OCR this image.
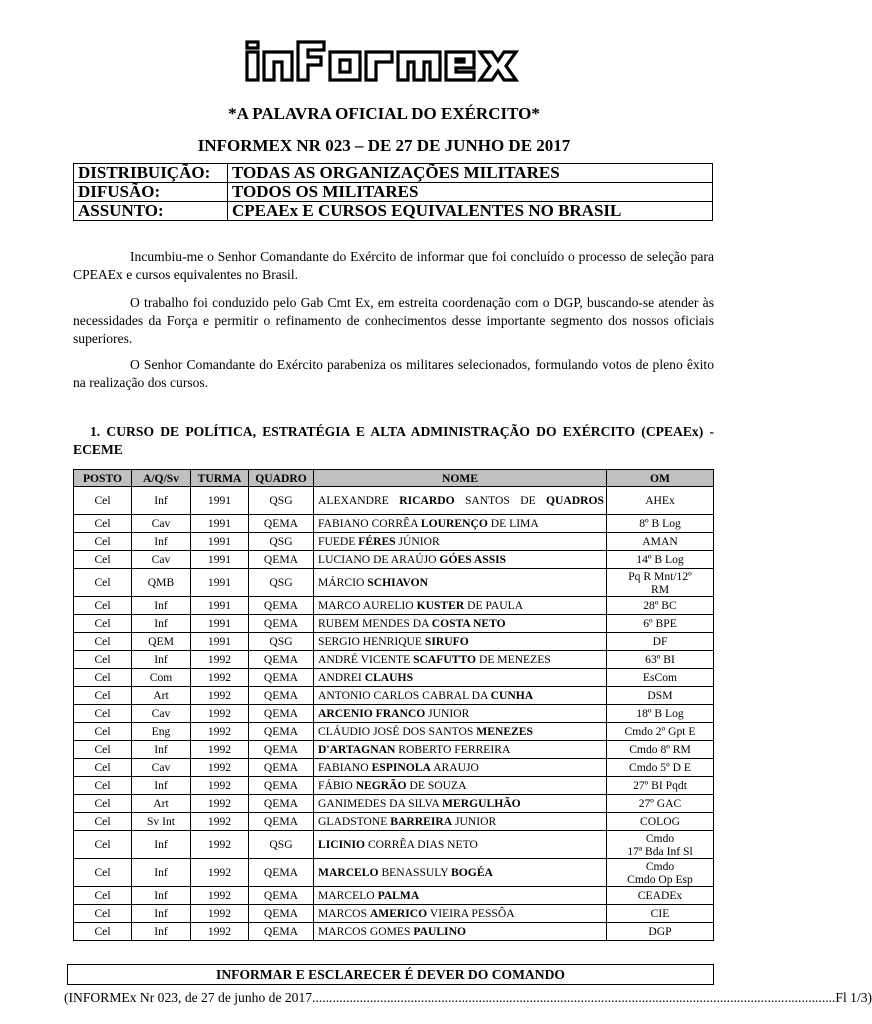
*A PALAVRA OFICIAL DO EXÉRCITO*
INFORMEX NR 023 – DE 27 DE JUNHO DE 2017
DISTRIBUIÇÃO:	TODAS AS ORGANIZAÇÕES MILITARES
DIFUSÃO:	TODOS OS MILITARES
ASSUNTO:	CPEAEx E CURSOS EQUIVALENTES NO BRASIL

Incumbiu-me o Senhor Comandante do Exército de informar que foi concluído o processo de seleção para CPEAEx e cursos equivalentes no Brasil.

O trabalho foi conduzido pelo Gab Cmt Ex, em estreita coordenação com o DGP, buscando-se atender às necessidades da Força e permitir o refinamento de conhecimentos desse importante segmento dos nossos oficiais superiores.

O Senhor Comandante do Exército parabeniza os militares selecionados, formulando votos de pleno êxito na realização dos cursos.

1. CURSO DE POLÍTICA, ESTRATÉGIA E ALTA ADMINISTRAÇÃO DO EXÉRCITO (CPEAEx) - ECEME
POSTO	A/Q/Sv	TURMA	QUADRO	NOME	OM
Cel	Inf	1991	QSG	ALEXANDRE RICARDO SANTOS DE QUADROS	AHEx
Cel	Cav	1991	QEMA	FABIANO CORRÊA LOURENÇO DE LIMA	8º B Log
Cel	Inf	1991	QSG	FUEDE FÉRES JÚNIOR	AMAN
Cel	Cav	1991	QEMA	LUCIANO DE ARAÚJO GÓES ASSIS	14º B Log
Cel	QMB	1991	QSG	MÁRCIO SCHIAVON	Pq R Mnt/12º
RM
Cel	Inf	1991	QEMA	MARCO AURELIO KUSTER DE PAULA	28º BC
Cel	Inf	1991	QEMA	RUBEM MENDES DA COSTA NETO	6º BPE
Cel	QEM	1991	QSG	SERGIO HENRIQUE SIRUFO	DF
Cel	Inf	1992	QEMA	ANDRÉ VICENTE SCAFUTTO DE MENEZES	63º BI
Cel	Com	1992	QEMA	ANDREI CLAUHS	EsCom
Cel	Art	1992	QEMA	ANTONIO CARLOS CABRAL DA CUNHA	DSM
Cel	Cav	1992	QEMA	ARCENIO FRANCO JUNIOR	18º B Log
Cel	Eng	1992	QEMA	CLÁUDIO JOSÉ DOS SANTOS MENEZES	Cmdo 2º Gpt E
Cel	Inf	1992	QEMA	D'ARTAGNAN ROBERTO FERREIRA	Cmdo 8º RM
Cel	Cav	1992	QEMA	FABIANO ESPINOLA ARAUJO	Cmdo 5º D E
Cel	Inf	1992	QEMA	FÁBIO NEGRÃO DE SOUZA	27º BI Pqdt
Cel	Art	1992	QEMA	GANIMEDES DA SILVA MERGULHÃO	27º GAC
Cel	Sv Int	1992	QEMA	GLADSTONE BARREIRA JUNIOR	COLOG
Cel	Inf	1992	QSG	LICINIO CORRÊA DIAS NETO	Cmdo
17ª Bda Inf Sl
Cel	Inf	1992	QEMA	MARCELO BENASSULY BOGÉA	Cmdo
Cmdo Op Esp
Cel	Inf	1992	QEMA	MARCELO PALMA	CEADEx
Cel	Inf	1992	QEMA	MARCOS AMERICO VIEIRA PESSÔA	CIE
Cel	Inf	1992	QEMA	MARCOS GOMES PAULINO	DGP
INFORMAR E ESCLARECER É DEVER DO COMANDO
(INFORMEx Nr 023, de 27 de junho de 2017 .......................................................................................................................................................... Fl 1/3)
